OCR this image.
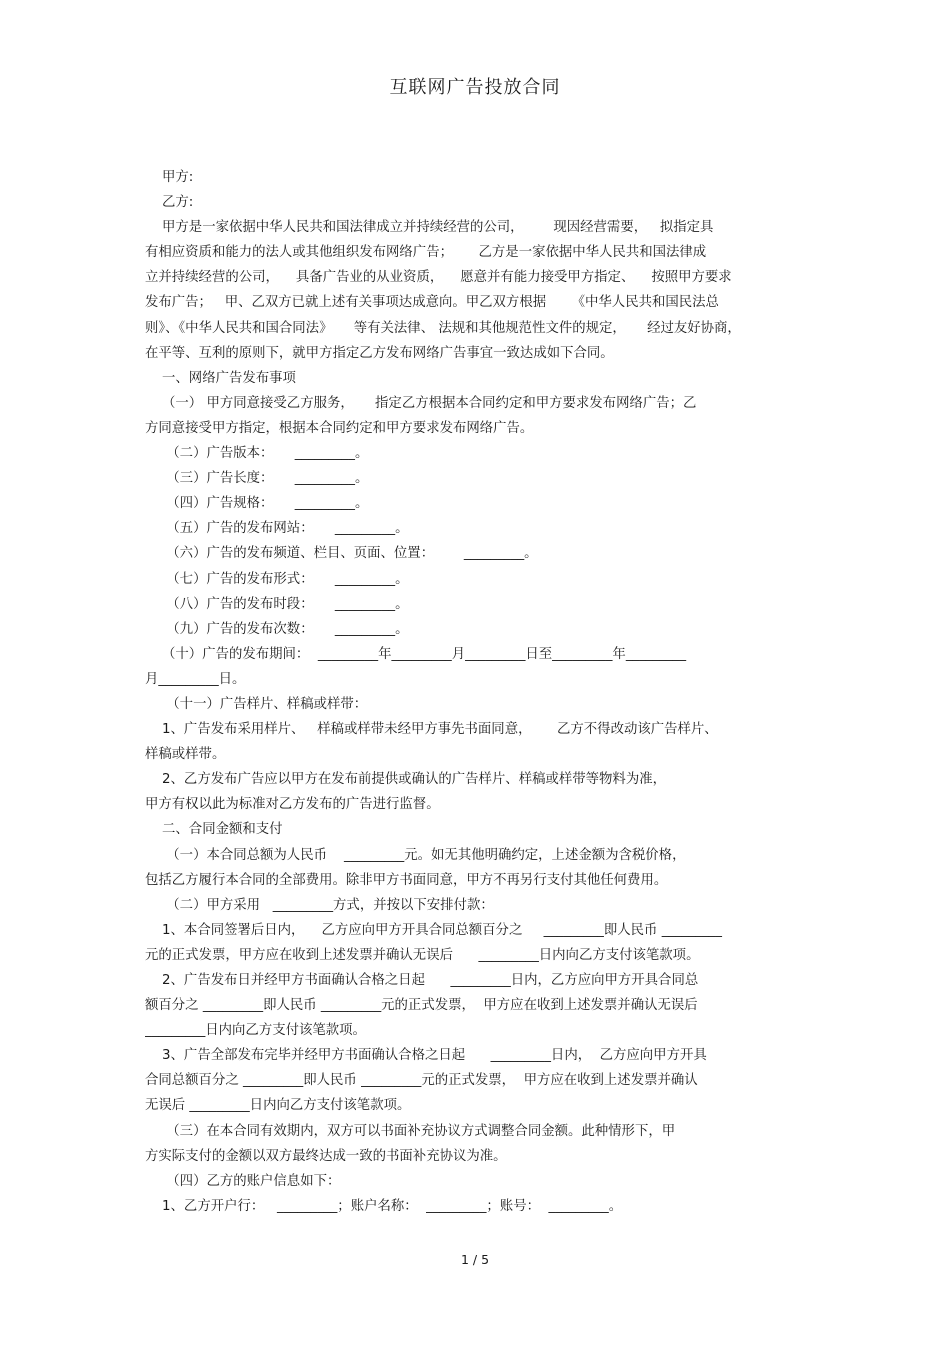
互联网广告投放合同
甲方:
乙方:
甲方是一家依据中华人民共和国法律成立并持续经营的公司，       现因经营需要，   拟指定具
有相应资质和能力的法人或其他组织发布网络广告；      乙方是一家依据中华人民共和国法律成
立并持续经营的公司，    具备广告业的从业资质，    愿意并有能力接受甲方指定、    按照甲方要求
发布广告；   甲、乙双方已就上述有关事项达成意向。甲乙双方根据      《中华人民共和国民法总
则》、《中华人民共和国合同法》     等有关法律、 法规和其他规范性文件的规定，     经过友好协商，
在平等、互利的原则下，就甲方指定乙方发布网络广告事宜一致达成如下合同。
一、网络广告发布事项
（一） 甲方同意接受乙方服务，     指定乙方根据本合同约定和甲方要求发布网络广告；乙
方同意接受甲方指定，根据本合同约定和甲方要求发布网络广告。
（二）广告版本：     _________。
（三）广告长度：     _________。
（四）广告规格：     _________。
（五）广告的发布网站：     _________。
（六）广告的发布频道、栏目、页面、位置：       _________。
（七）广告的发布形式：     _________。
（八）广告的发布时段：     _________。
（九）广告的发布次数：     _________。
（十）广告的发布期间：  _________年_________月_________日至_________年_________
月_________日。
（十一）广告样片、样稿或样带：
1、广告发布采用样片、   样稿或样带未经甲方事先书面同意，      乙方不得改动该广告样片、
样稿或样带。
2、乙方发布广告应以甲方在发布前提供或确认的广告样片、样稿或样带等物料为准，
甲方有权以此为标准对乙方发布的广告进行监督。
二、合同金额和支付
（一）本合同总额为人民币    _________元。如无其他明确约定，上述金额为含税价格，
包括乙方履行本合同的全部费用。除非甲方书面同意，甲方不再另行支付其他任何费用。
（二）甲方采用   _________方式，并按以下安排付款：
1、本合同签署后日内，    乙方应向甲方开具合同总额百分之     _________即人民币 _________
元的正式发票，甲方应在收到上述发票并确认无误后      _________日内向乙方支付该笔款项。
2、广告发布日并经甲方书面确认合格之日起      _________日内，乙方应向甲方开具合同总
额百分之 _________即人民币 _________元的正式发票，  甲方应在收到上述发票并确认无误后
_________日内向乙方支付该笔款项。
3、广告全部发布完毕并经甲方书面确认合格之日起      _________日内，  乙方应向甲方开具
合同总额百分之 _________即人民币 _________元的正式发票，  甲方应在收到上述发票并确认
无误后 _________日内向乙方支付该笔款项。
（三）在本合同有效期内，双方可以书面补充协议方式调整合同金额。此种情形下，甲
方实际支付的金额以双方最终达成一致的书面补充协议为准。
（四）乙方的账户信息如下：
1、乙方开户行：   _________；账户名称：  _________；账号：  _________。
1 / 5
